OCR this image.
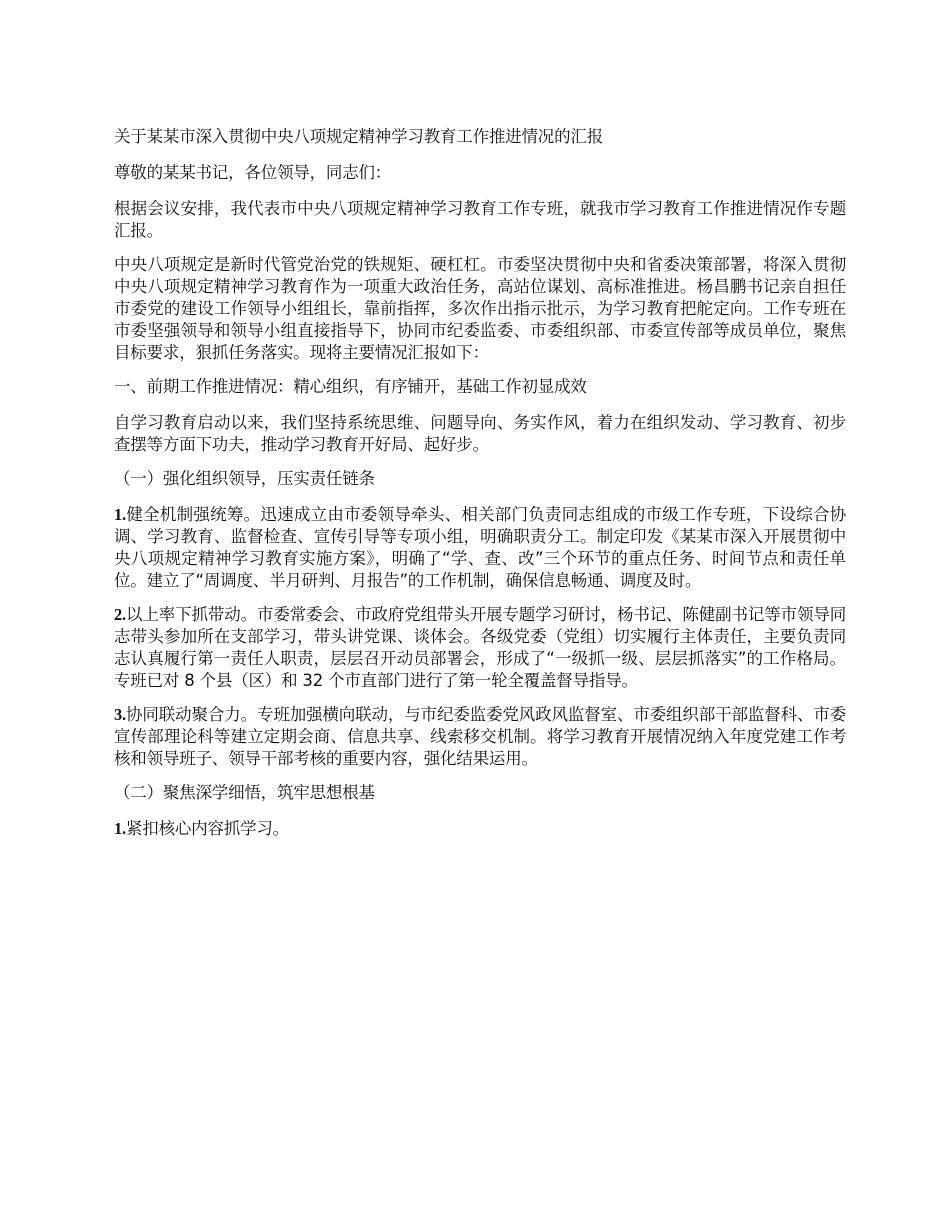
关于某某市深入贯彻中央八项规定精神学习教育工作推进情况的汇报

尊敬的某某书记，各位领导，同志们：

根据会议安排，我代表市中央八项规定精神学习教育工作专班，就我市学习教育工作推进情况作专题汇报。

中央八项规定是新时代管党治党的铁规矩、硬杠杠。市委坚决贯彻中央和省委决策部署，将深入贯彻中央八项规定精神学习教育作为一项重大政治任务，高站位谋划、高标准推进。杨昌鹏书记亲自担任市委党的建设工作领导小组组长，靠前指挥，多次作出指示批示，为学习教育把舵定向。工作专班在市委坚强领导和领导小组直接指导下，协同市纪委监委、市委组织部、市委宣传部等成员单位，聚焦目标要求，狠抓任务落实。现将主要情况汇报如下：

一、前期工作推进情况：精心组织，有序铺开，基础工作初显成效

自学习教育启动以来，我们坚持系统思维、问题导向、务实作风，着力在组织发动、学习教育、初步查摆等方面下功夫，推动学习教育开好局、起好步。

（一）强化组织领导，压实责任链条

1.健全机制强统筹。迅速成立由市委领导牵头、相关部门负责同志组成的市级工作专班，下设综合协调、学习教育、监督检查、宣传引导等专项小组，明确职责分工。制定印发《某某市深入开展贯彻中央八项规定精神学习教育实施方案》，明确了“学、查、改”三个环节的重点任务、时间节点和责任单位。建立了“周调度、半月研判、月报告”的工作机制，确保信息畅通、调度及时。

2.以上率下抓带动。市委常委会、市政府党组带头开展专题学习研讨，杨书记、陈健副书记等市领导同志带头参加所在支部学习，带头讲党课、谈体会。各级党委（党组）切实履行主体责任，主要负责同志认真履行第一责任人职责，层层召开动员部署会，形成了“一级抓一级、层层抓落实”的工作格局。专班已对 8 个县（区）和 32 个市直部门进行了第一轮全覆盖督导指导。

3.协同联动聚合力。专班加强横向联动，与市纪委监委党风政风监督室、市委组织部干部监督科、市委宣传部理论科等建立定期会商、信息共享、线索移交机制。将学习教育开展情况纳入年度党建工作考核和领导班子、领导干部考核的重要内容，强化结果运用。

（二）聚焦深学细悟，筑牢思想根基

1.紧扣核心内容抓学习。
